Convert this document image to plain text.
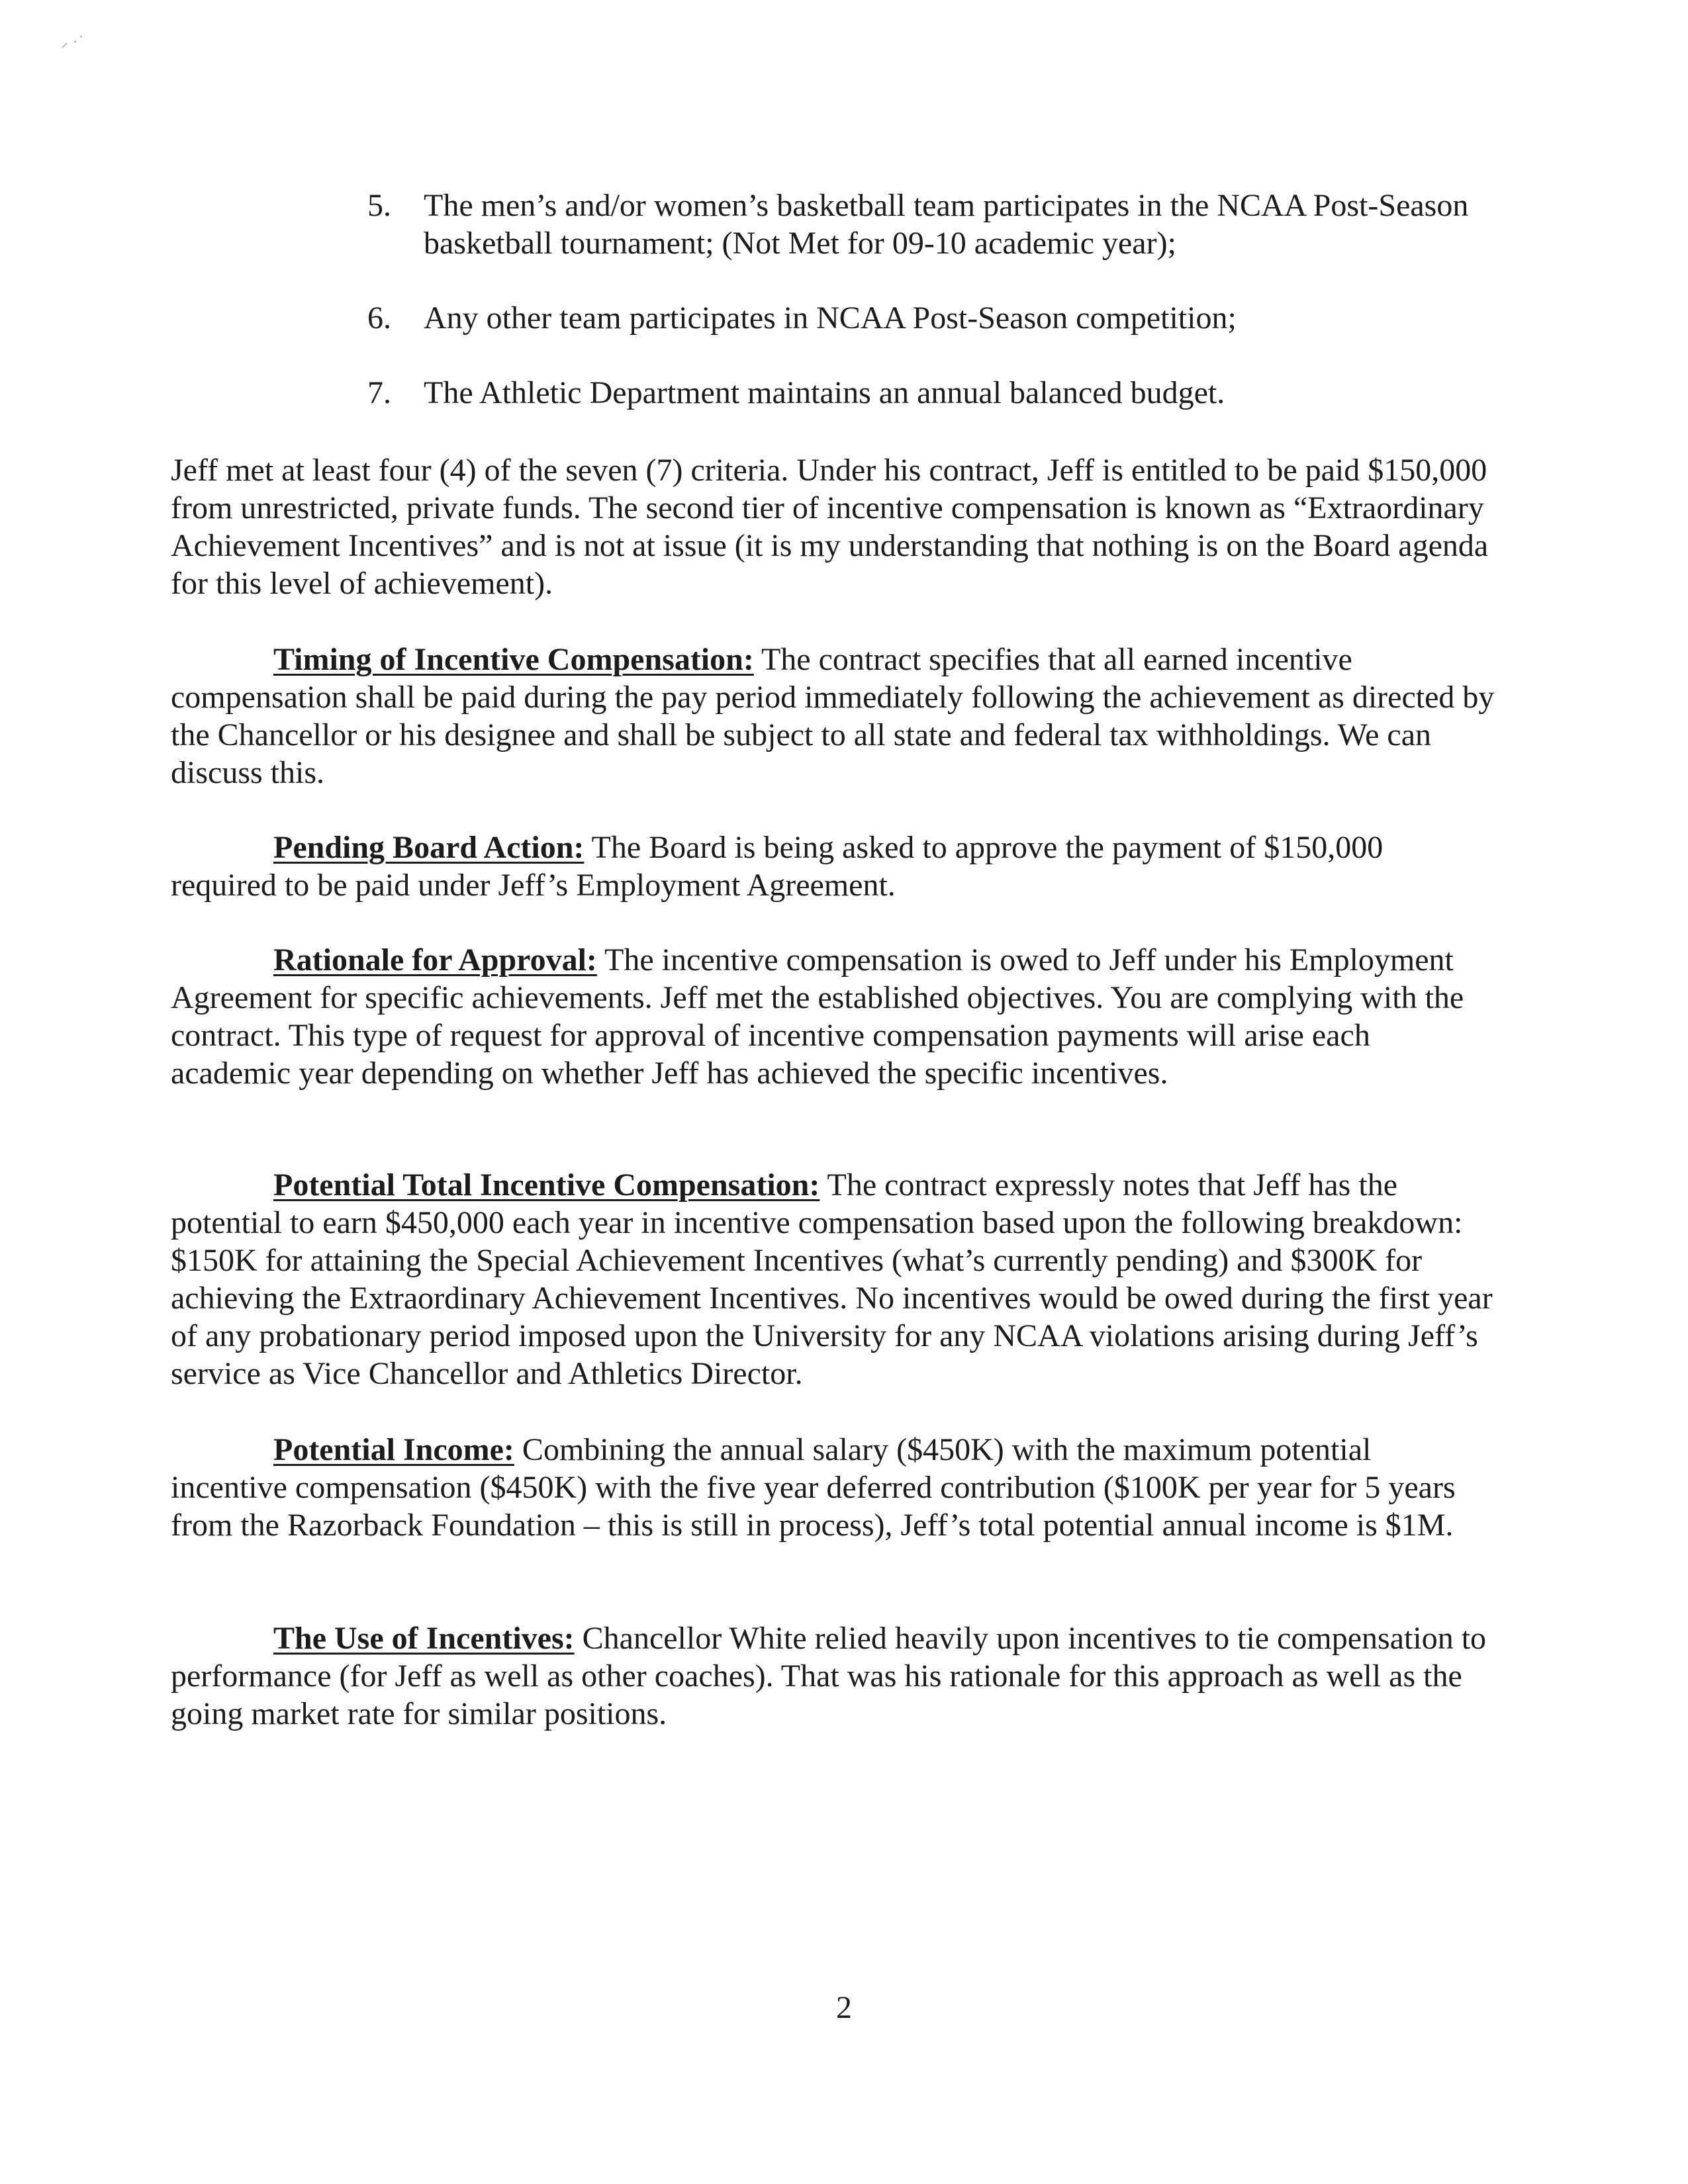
⸝ ·˙
5. The men’s and/or women’s basketball team participates in the NCAA Post-Season basketball tournament; (Not Met for 09-10 academic year);
6. Any other team participates in NCAA Post-Season competition;
7. The Athletic Department maintains an annual balanced budget.

Jeff met at least four (4) of the seven (7) criteria. Under his contract, Jeff is entitled to be paid $150,000 from unrestricted, private funds. The second tier of incentive compensation is known as “Extraordinary Achievement Incentives” and is not at issue (it is my understanding that nothing is on the Board agenda for this level of achievement).

Timing of Incentive Compensation: The contract specifies that all earned incentive compensation shall be paid during the pay period immediately following the achievement as directed by the Chancellor or his designee and shall be subject to all state and federal tax withholdings. We can discuss this.

Pending Board Action: The Board is being asked to approve the payment of $150,000 required to be paid under Jeff’s Employment Agreement.

Rationale for Approval: The incentive compensation is owed to Jeff under his Employment Agreement for specific achievements. Jeff met the established objectives. You are complying with the contract. This type of request for approval of incentive compensation payments will arise each academic year depending on whether Jeff has achieved the specific incentives.

Potential Total Incentive Compensation: The contract expressly notes that Jeff has the potential to earn $450,000 each year in incentive compensation based upon the following breakdown: $150K for attaining the Special Achievement Incentives (what’s currently pending) and $300K for achieving the Extraordinary Achievement Incentives. No incentives would be owed during the first year of any probationary period imposed upon the University for any NCAA violations arising during Jeff’s service as Vice Chancellor and Athletics Director.

Potential Income: Combining the annual salary ($450K) with the maximum potential incentive compensation ($450K) with the five year deferred contribution ($100K per year for 5 years from the Razorback Foundation – this is still in process), Jeff’s total potential annual income is $1M.

The Use of Incentives: Chancellor White relied heavily upon incentives to tie compensation to performance (for Jeff as well as other coaches). That was his rationale for this approach as well as the going market rate for similar positions.

2
